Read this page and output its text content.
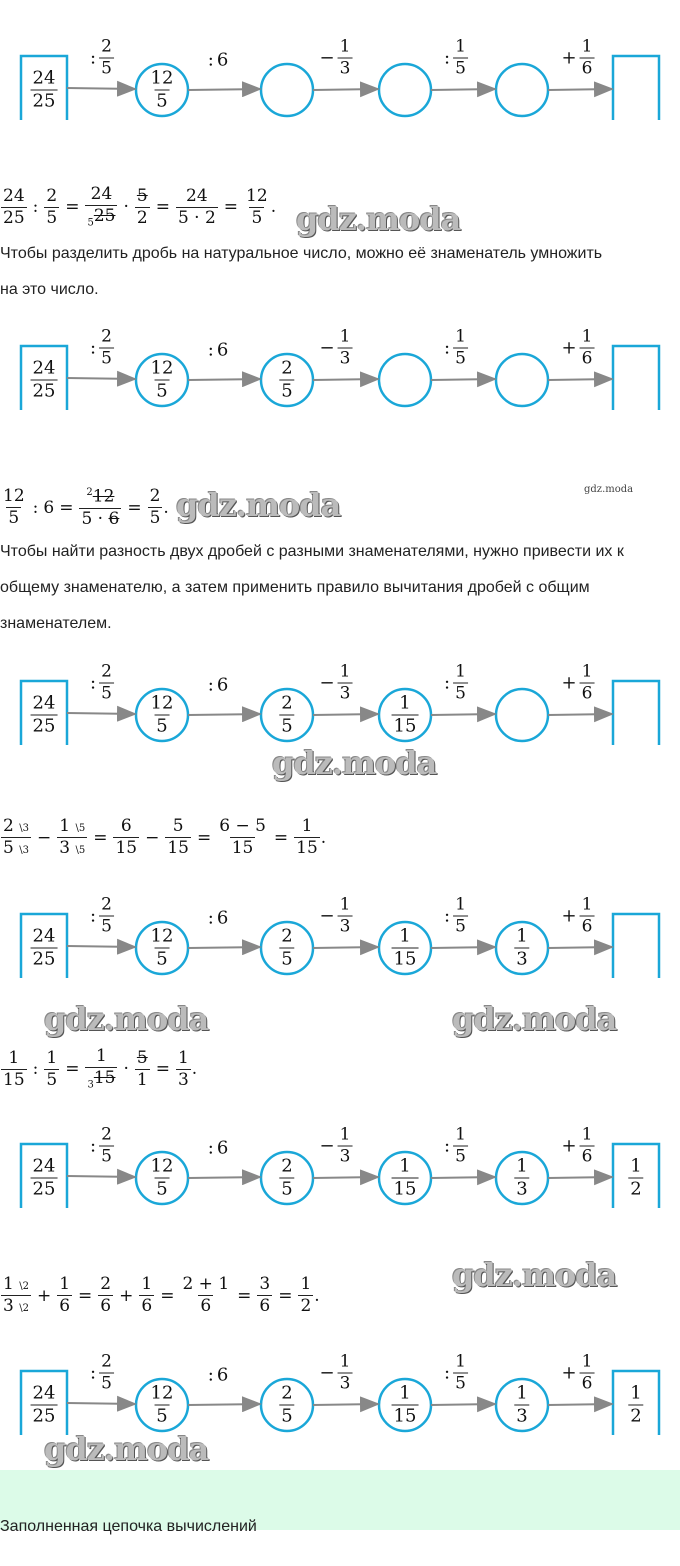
: $\frac{2}{5}$	: 6	− $\frac{1}{3}$	: $\frac{1}{5}$	+ $\frac{1}{6}$
$\frac{24}{25}$	$\frac{12}{5}$
: $\frac{2}{5}$	: 6	− $\frac{1}{3}$	: $\frac{1}{5}$	+ $\frac{1}{6}$
$\frac{24}{25}$	$\frac{12}{5}$	$\frac{2}{5}$
: $\frac{2}{5}$	: 6	− $\frac{1}{3}$	: $\frac{1}{5}$	+ $\frac{1}{6}$
$\frac{24}{25}$	$\frac{12}{5}$	$\frac{2}{5}$	$\frac{1}{15}$
: $\frac{2}{5}$	: 6	− $\frac{1}{3}$	: $\frac{1}{5}$	+ $\frac{1}{6}$
$\frac{24}{25}$	$\frac{12}{5}$	$\frac{2}{5}$	$\frac{1}{15}$	$\frac{1}{3}$
: $\frac{2}{5}$	: 6	− $\frac{1}{3}$	: $\frac{1}{5}$	+ $\frac{1}{6}$
$\frac{24}{25}$	$\frac{12}{5}$	$\frac{2}{5}$	$\frac{1}{15}$	$\frac{1}{3}$	$\frac{1}{2}$
: $\frac{2}{5}$	: 6	− $\frac{1}{3}$	: $\frac{1}{5}$	+ $\frac{1}{6}$
$\frac{24}{25}$	$\frac{12}{5}$	$\frac{2}{5}$	$\frac{1}{15}$	$\frac{1}{3}$	$\frac{1}{2}$
$\frac{24}{25}$ : $\frac{2}{5} = \frac{24}{_525} \cdot \frac{5}{2} = \frac{24}{5 \cdot 2} = \frac{12}{5}$ .
Чтобы разделить дробь на натуральное число, можно её знаменатель умножить на это число.
$\frac{12}{5}$ : $6 = \frac{^212}{5 \cdot 6} = \frac{2}{5}$ .
Чтобы найти разность двух дробей с разными знаменателями, нужно привести их к общему знаменателю, а затем применить правило вычитания дробей с общим знаменателем.
$\frac{2 \backslash 3}{5 \backslash 3} - \frac{1 \backslash 5}{3 \backslash 5} = \frac{6}{15} - \frac{5}{15} = \frac{6 - 5}{15} = \frac{1}{15}$ .
$\frac{1}{15}$ : $\frac{1}{5} = \frac{1}{_315} \cdot \frac{5}{1} = \frac{1}{3}$ .
$\frac{1 \backslash 2}{3 \backslash 2} + \frac{1}{6} = \frac{2}{6} + \frac{1}{6} = \frac{2 + 1}{6} = \frac{3}{6} = \frac{1}{2}$ .
gdz.moda
gdz.moda	gdz.moda
gdz.moda
gdz.moda	gdz.moda
gdz.moda
gdz.moda
Заполненная цепочка вычислений
